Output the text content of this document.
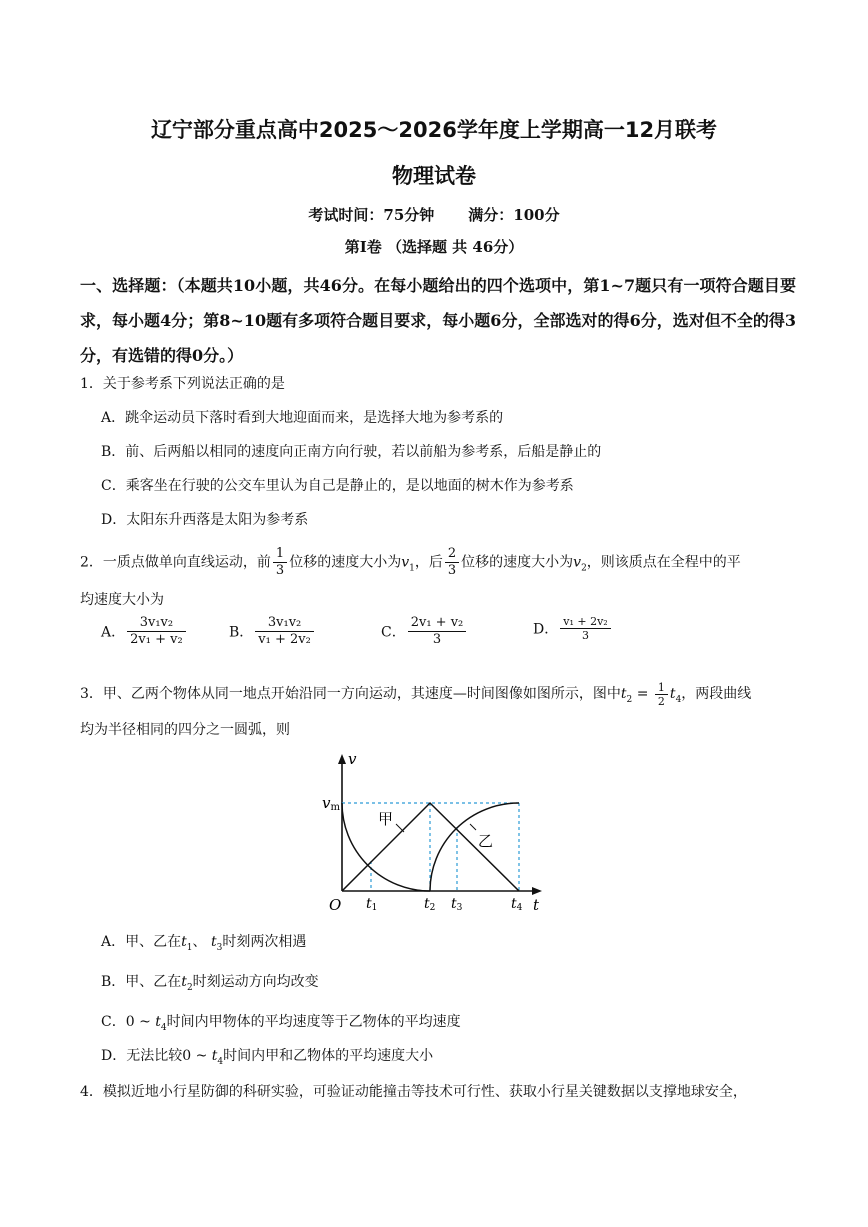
辽宁部分重点高中2025～2026学年度上学期高一12月联考
物理试卷
考试时间：75分钟 满分：100分
第Ⅰ卷 （选择题 共 46分）
一、选择题：（本题共10小题，共46分。在每小题给出的四个选项中，第1~7题只有一项符合题目要求，每小题4分；第8~10题有多项符合题目要求，每小题6分，全部选对的得6分，选对但不全的得3分，有选错的得0分。）
1．关于参考系下列说法正确的是
A．跳伞运动员下落时看到大地迎面而来，是选择大地为参考系的
B．前、后两船以相同的速度向正南方向行驶，若以前船为参考系，后船是静止的
C．乘客坐在行驶的公交车里认为自己是静止的，是以地面的树木作为参考系
D．太阳东升西落是太阳为参考系
2．一质点做单向直线运动，前 $\frac{1}{3}$ 位移的速度大小为$v_1$，后 $\frac{2}{3}$ 位移的速度大小为$v_2$，则该质点在全程中的平
均速度大小为
A． $\frac{\text{3v₁v₂}}{\text{2v₁ + v₂}}$	B． $\frac{\text{3v₁v₂}}{\text{v₁ + 2v₂}}$	C． $\frac{\text{2v₁ + v₂}}{3}$	D． $\frac{\text{v₁ + 2v₂}}{3}$
3．甲、乙两个物体从同一地点开始沿同一方向运动，其速度—时间图像如图所示，图中$t_2 = \frac{1}{2} t_4$，两段曲线
均为半径相同的四分之一圆弧，则
v
t
O
vm
甲
乙
t1	t2 t3	t4
A．甲、乙在$t_1$、 $t_3$时刻两次相遇
B．甲、乙在$t_2$时刻运动方向均改变
C．0 ~ $t_4$时间内甲物体的平均速度等于乙物体的平均速度
D．无法比较0 ~ $t_4$时间内甲和乙物体的平均速度大小
4．模拟近地小行星防御的科研实验，可验证动能撞击等技术可行性、获取小行星关键数据以支撑地球安全，
